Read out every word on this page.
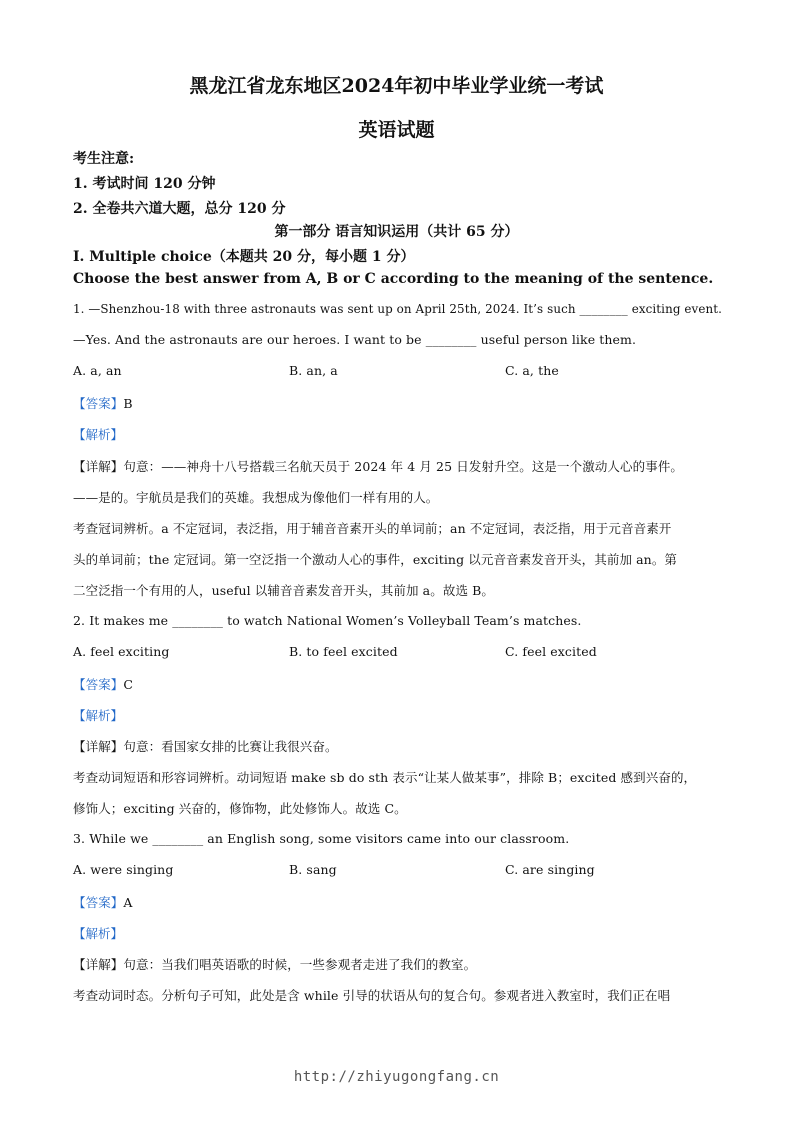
黑龙江省龙东地区2024年初中毕业学业统一考试
英语试题
考生注意:
1. 考试时间 120 分钟
2. 全卷共六道大题，总分 120 分
第一部分 语言知识运用（共计 65 分）
I. Multiple choice（本题共 20 分，每小题 1 分）
Choose the best answer from A, B or C according to the meaning of the sentence.
1. —Shenzhou-18 with three astronauts was sent up on April 25th, 2024. It’s such ________ exciting event.
—Yes. And the astronauts are our heroes. I want to be ________ useful person like them.
A. a, an	B. an, a	C. a, the
【答案】B
【解析】
【详解】句意：——神舟十八号搭载三名航天员于 2024 年 4 月 25 日发射升空。这是一个激动人心的事件。
——是的。宇航员是我们的英雄。我想成为像他们一样有用的人。
考查冠词辨析。a 不定冠词，表泛指，用于辅音音素开头的单词前；an 不定冠词，表泛指，用于元音音素开
头的单词前；the 定冠词。第一空泛指一个激动人心的事件，exciting 以元音音素发音开头，其前加 an。第
二空泛指一个有用的人，useful 以辅音音素发音开头，其前加 a。故选 B。
2. It makes me ________ to watch National Women’s Volleyball Team’s matches.
A. feel exciting	B. to feel excited	C. feel excited
【答案】C
【解析】
【详解】句意：看国家女排的比赛让我很兴奋。
考查动词短语和形容词辨析。动词短语 make sb do sth 表示“让某人做某事”，排除 B；excited 感到兴奋的，
修饰人；exciting 兴奋的，修饰物，此处修饰人。故选 C。
3. While we ________ an English song, some visitors came into our classroom.
A. were singing	B. sang	C. are singing
【答案】A
【解析】
【详解】句意：当我们唱英语歌的时候，一些参观者走进了我们的教室。
考查动词时态。分析句子可知，此处是含 while 引导的状语从句的复合句。参观者进入教室时，我们正在唱
http://zhiyugongfang.cn
